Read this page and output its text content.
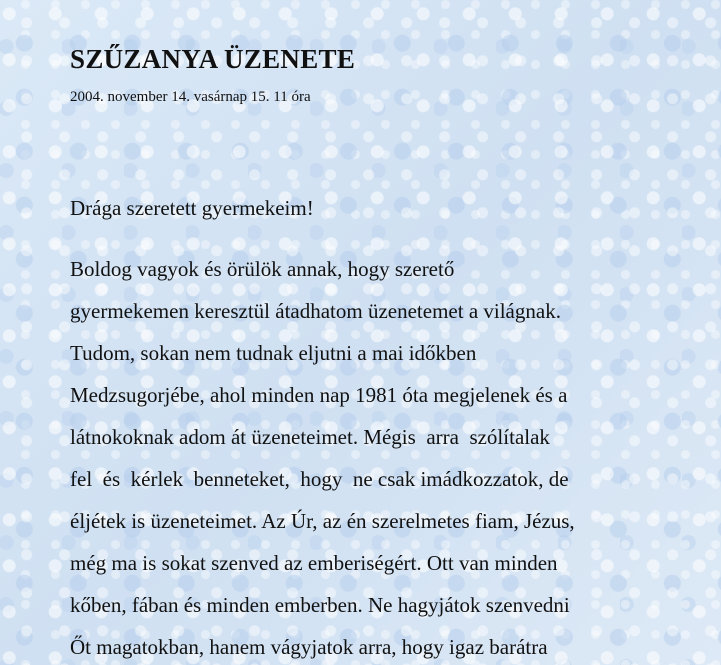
SZŰZANYA ÜZENETE
2004. november 14. vasárnap 15. 11 óra

Drága szeretett gyermekeim!

Boldog vagyok és örülök annak, hogy szerető
gyermekemen keresztül átadhatom üzenetemet a világnak.
Tudom, sokan nem tudnak eljutni a mai időkben
Medzsugorjébe, ahol minden nap 1981 óta megjelenek és a
látnokoknak adom át üzeneteimet. Mégis  arra  szólítalak
fel  és  kérlek  benneteket,  hogy  ne csak imádkozzatok, de
éljétek is üzeneteimet. Az Úr, az én szerelmetes fiam, Jézus,
még ma is sokat szenved az emberiségért. Ott van minden
kőben, fában és minden emberben. Ne hagyjátok szenvedni
Őt magatokban, hanem vágyjatok arra, hogy igaz barátra
